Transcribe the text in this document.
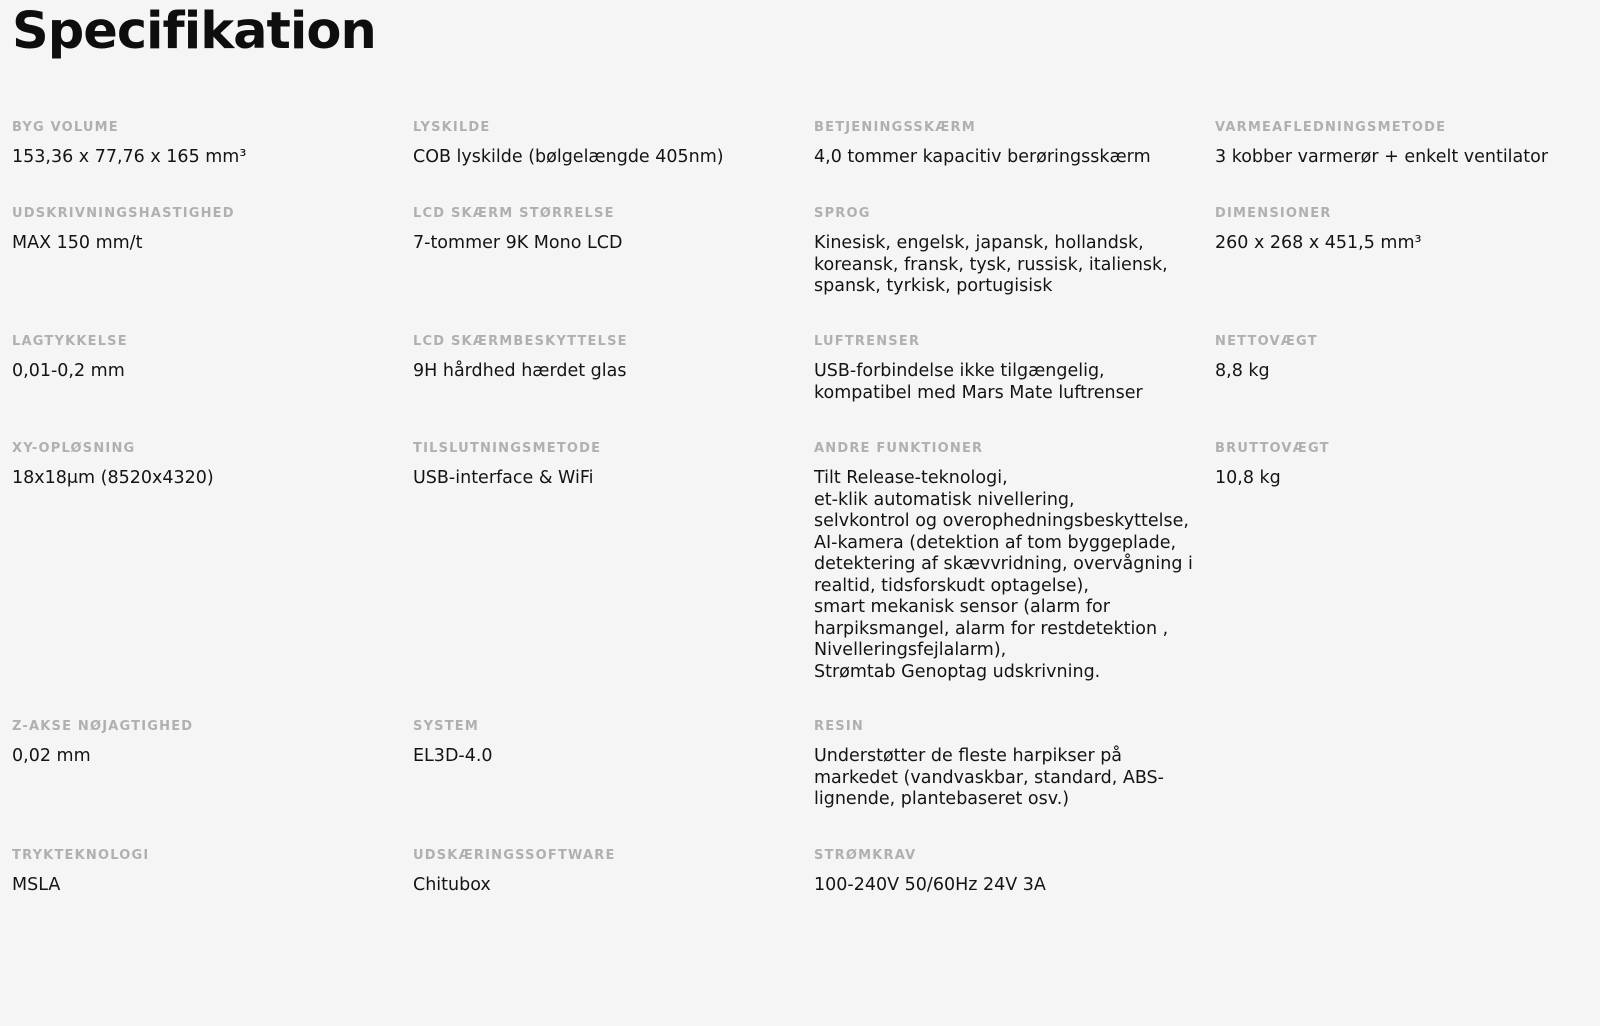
Specifikation
BYG VOLUME
153,36 x 77,76 x 165 mm³
LYSKILDE
COB lyskilde (bølgelængde 405nm)
BETJENINGSSKÆRM
4,0 tommer kapacitiv berøringsskærm
VARMEAFLEDNINGSMETODE
3 kobber varmerør + enkelt ventilator
UDSKRIVNINGSHASTIGHED
MAX 150 mm/t
LCD SKÆRM STØRRELSE
7-tommer 9K Mono LCD
SPROG
Kinesisk, engelsk, japansk, hollandsk,
koreansk, fransk, tysk, russisk, italiensk,
spansk, tyrkisk, portugisisk
DIMENSIONER
260 x 268 x 451,5 mm³
LAGTYKKELSE
0,01-0,2 mm
LCD SKÆRMBESKYTTELSE
9H hårdhed hærdet glas
LUFTRENSER
USB-forbindelse ikke tilgængelig,
kompatibel med Mars Mate luftrenser
NETTOVÆGT
8,8 kg
XY-OPLØSNING
18x18μm (8520x4320)
TILSLUTNINGSMETODE
USB-interface & WiFi
ANDRE FUNKTIONER
Tilt Release-teknologi,
et-klik automatisk nivellering,
selvkontrol og overophedningsbeskyttelse,
AI-kamera (detektion af tom byggeplade,
detektering af skævvridning, overvågning i
realtid, tidsforskudt optagelse),
smart mekanisk sensor (alarm for
harpiksmangel, alarm for restdetektion ,
Nivelleringsfejlalarm),
Strømtab Genoptag udskrivning.
BRUTTOVÆGT
10,8 kg
Z-AKSE NØJAGTIGHED
0,02 mm
SYSTEM
EL3D-4.0
RESIN
Understøtter de fleste harpikser på
markedet (vandvaskbar, standard, ABS-
lignende, plantebaseret osv.)
TRYKTEKNOLOGI
MSLA
UDSKÆRINGSSOFTWARE
Chitubox
STRØMKRAV
100-240V 50/60Hz 24V 3A
